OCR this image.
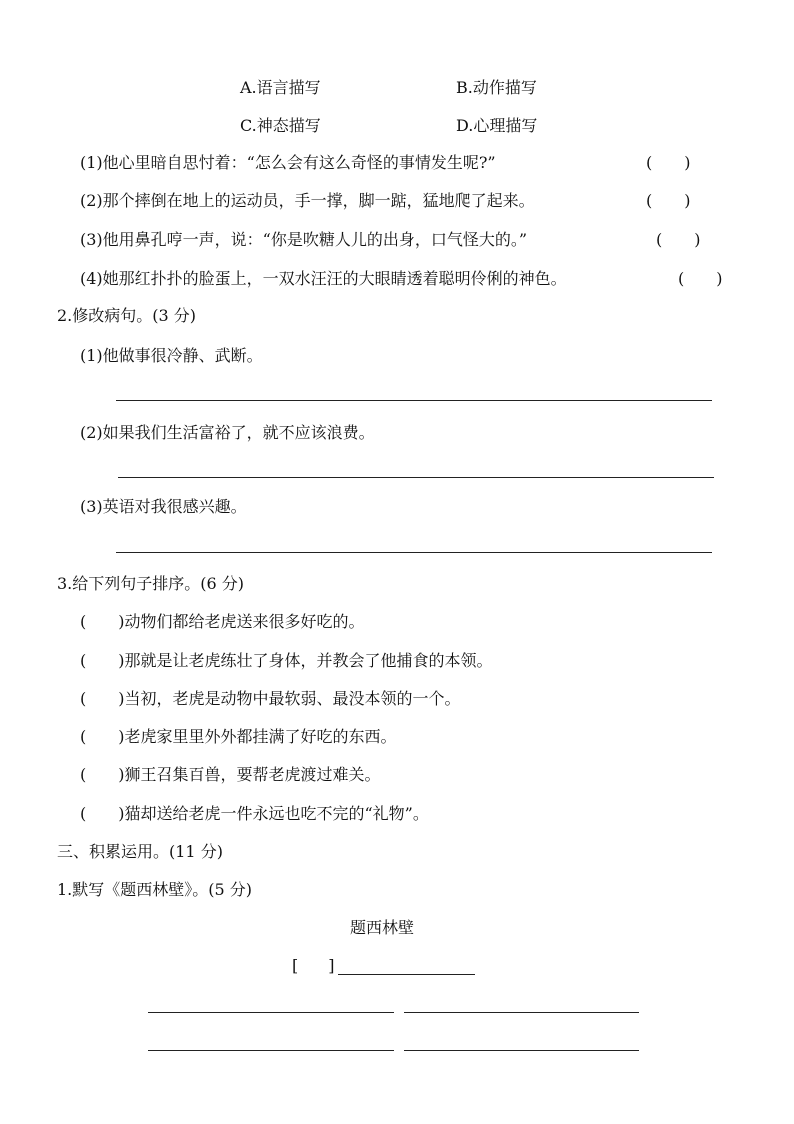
A.语言描写	B.动作描写
C.神态描写	D.心理描写
(1)他心里暗自思忖着：“怎么会有这么奇怪的事情发生呢?”	(　　)
(2)那个摔倒在地上的运动员，手一撑，脚一踮，猛地爬了起来。	(　　)
(3)他用鼻孔哼一声，说：“你是吹糖人儿的出身，口气怪大的。”	(　　)
(4)她那红扑扑的脸蛋上，一双水汪汪的大眼睛透着聪明伶俐的神色。	(　　)
2.修改病句。(3 分)
(1)他做事很冷静、武断。
(2)如果我们生活富裕了，就不应该浪费。
(3)英语对我很感兴趣。
3.给下列句子排序。(6 分)
(　　)动物们都给老虎送来很多好吃的。
(　　)那就是让老虎练壮了身体，并教会了他捕食的本领。
(　　)当初，老虎是动物中最软弱、最没本领的一个。
(　　)老虎家里里外外都挂满了好吃的东西。
(　　)狮王召集百兽，要帮老虎渡过难关。
(　　)猫却送给老虎一件永远也吃不完的“礼物”。
三、积累运用。(11 分)
1.默写《题西林壁》。(5 分)
题西林壁
[ ]
